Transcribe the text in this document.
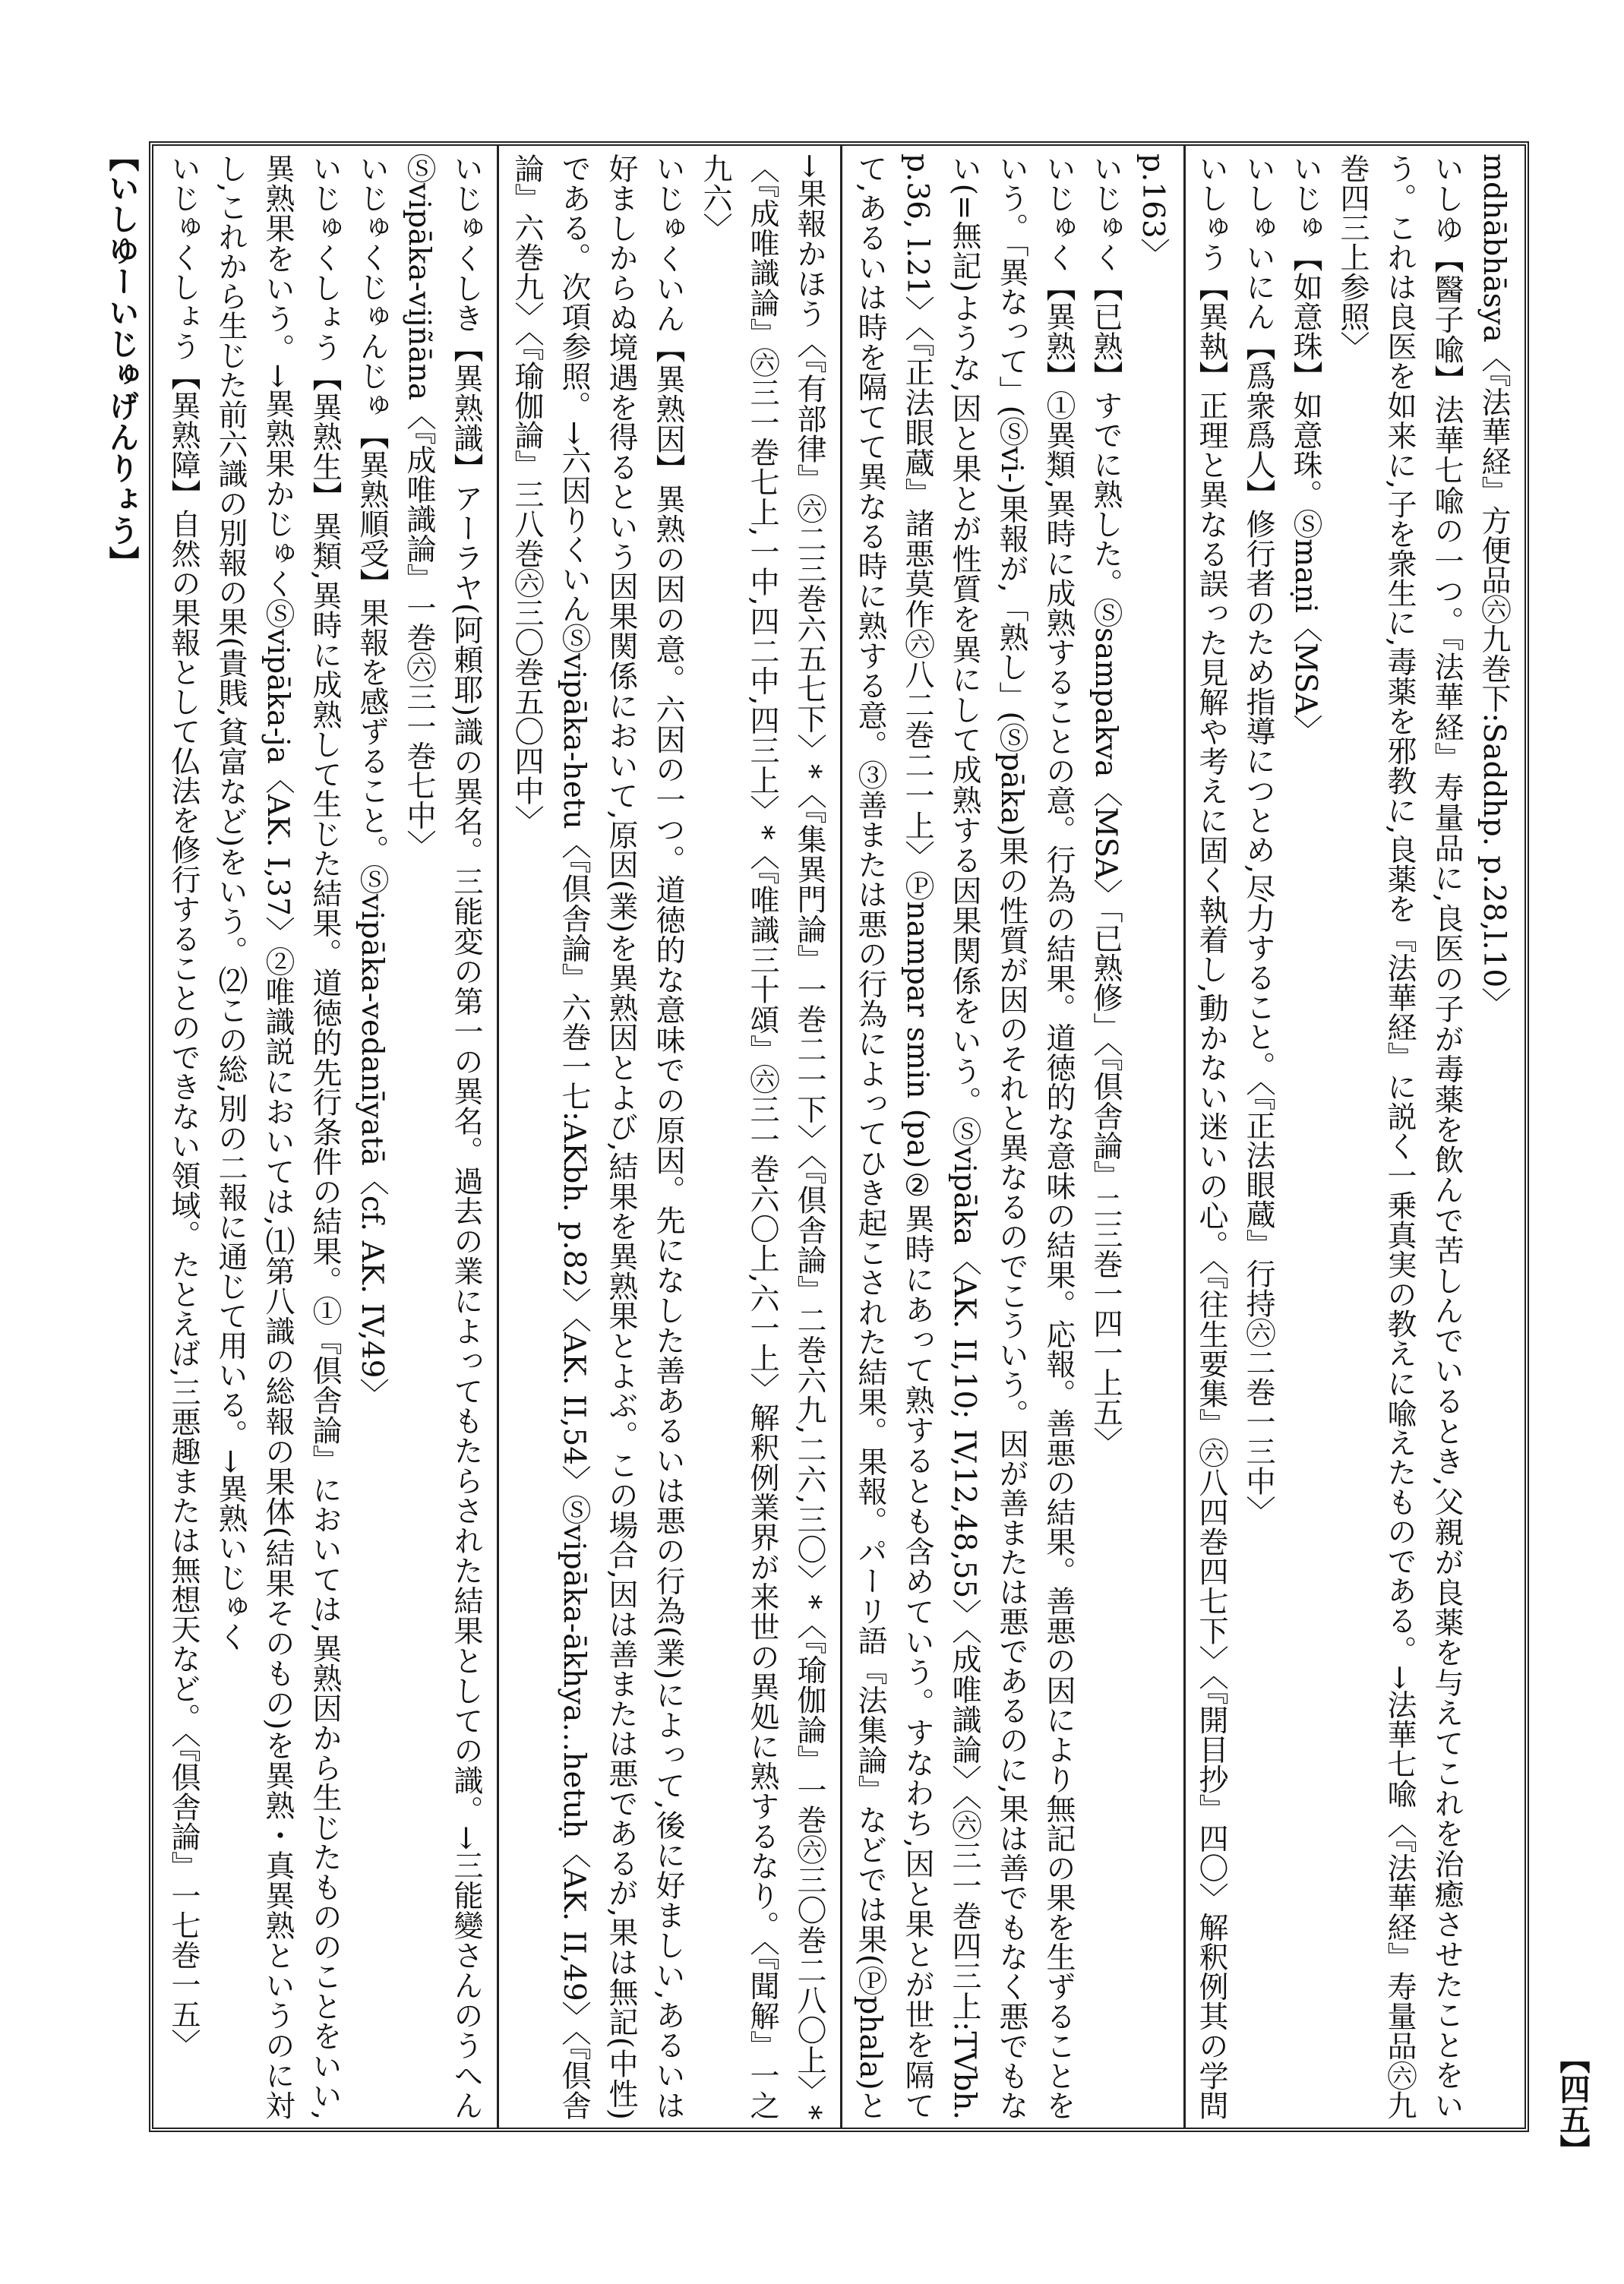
【いしゆーいじゅげんりょう】
【四五】
mdhābhāsya〈『法華経』方便品㊅九巻下:Saddhp. p.28,l.10〉
いしゆ【醫子喩】法華七喩の一つ。『法華経』寿量品に,良医の子が毒薬を飲んで苦しんでいるとき,父親が良薬を与えてこれを治癒させたことをいう。これは良医を如来に,子を衆生に,毒薬を邪教に,良薬を『法華経』に説く一乗真実の教えに喩えたものである。→法華七喩〈『法華経』寿量品㊅九巻四三上参照〉
いじゅ【如意珠】如意珠。Ⓢmaṇi〈MSA〉
いしゅいにん【爲衆爲人】修行者のため指導につとめ,尽力すること。〈『正法眼蔵』行持㊅二巻一三中〉
いしゅう【異執】正理と異なる誤った見解や考えに固く執着し,動かない迷いの心。〈『往生要集』㊅八四巻四七下〉〈『開目抄』四〇〉解釈例其の学問
p.163〉
いじゅく【已熟】すでに熟した。Ⓢsampakva〈MSA〉「已熟修」〈『倶舎論』二三巻一四一上五〉
いじゅく【異熟】①異類,異時に成熟することの意。行為の結果。道徳的な意味の結果。応報。善悪の結果。善悪の因により無記の果を生ずることをいう。「異なって」(Ⓢvi-)果報が,「熟し」(Ⓢpāka)果の性質が因のそれと異なるのでこういう。因が善または悪であるのに,果は善でもなく悪でもない(=無記)ような,因と果とが性質を異にして成熟する因果関係をいう。Ⓢvipāka〈AK. II,10; IV,12,48,55〉〈成唯識論〉〈㊅三一巻四三上:TVbh. p.36, l.21〉〈『正法眼蔵』諸悪莫作㊅八二巻二一上〉Ⓟnampar smin (pa)②異時にあって熟するとも含めていう。すなわち,因と果とが世を隔てて,あるいは時を隔てて異なる時に熟する意。③善または悪の行為によってひき起こされた結果。果報。パーリ語『法集論』などでは果(Ⓟphala)と
→果報かほう〈『有部律』㊅二三巻六五七下〉*〈『集異門論』一巻二一下〉〈『倶舎論』二巻六九,二六,三〇〉*〈『瑜伽論』一巻㊅三〇巻二八〇上〉*〈『成唯識論』㊅三一巻七上,一中,四二中,四三上〉*〈『唯識三十頌』㊅三一巻六〇上,六一上〉解釈例業界が来世の異処に熟するなり。〈『聞解』一之九六〉
いじゅくいん【異熟因】異熟の因の意。六因の一つ。道徳的な意味での原因。先になした善あるいは悪の行為(業)によって,後に好ましい,あるいは好ましからぬ境遇を得るという因果関係において,原因(業)を異熟因とよび,結果を異熟果とよぶ。この場合,因は善または悪であるが,果は無記(中性)である。次項参照。→六因りくいんⓈvipāka-hetu〈『倶舎論』六巻一七:AKbh. p.82〉〈AK. II,54〉Ⓢvipāka-ākhya…hetuḥ〈AK. II,49〉〈『倶舎論』六巻九〉〈『瑜伽論』三八巻㊅三〇巻五〇四中〉
いじゅくしき【異熟識】アーラヤ(阿頼耶)識の異名。三能変の第一の異名。過去の業によってもたらされた結果としての識。→三能變さんのうへんⓈvipāka-vijñāna〈『成唯識論』一巻㊅三一巻七中〉
いじゅくじゅんじゅ【異熟順受】果報を感ずること。Ⓢvipāka-vedanīyatā〈cf. AK. IV,49〉
いじゅくしょう【異熟生】異類,異時に成熟して生じた結果。道徳的先行条件の結果。①『倶舎論』においては,異熟因から生じたもののことをいい,異熟果をいう。→異熟果かじゅくⓈvipāka-ja〈AK. I,37〉②唯識説においては,⑴第八識の総報の果体(結果そのもの)を異熟・真異熟というのに対し,これから生じた前六識の別報の果(貴賎,貧富など)をいう。⑵この総,別の二報に通じて用いる。→異熟いじゅく
いじゅくしょう【異熟障】自然の果報として仏法を修行することのできない領域。たとえば,三悪趣または無想天など。〈『倶舎論』一七巻一五〉
